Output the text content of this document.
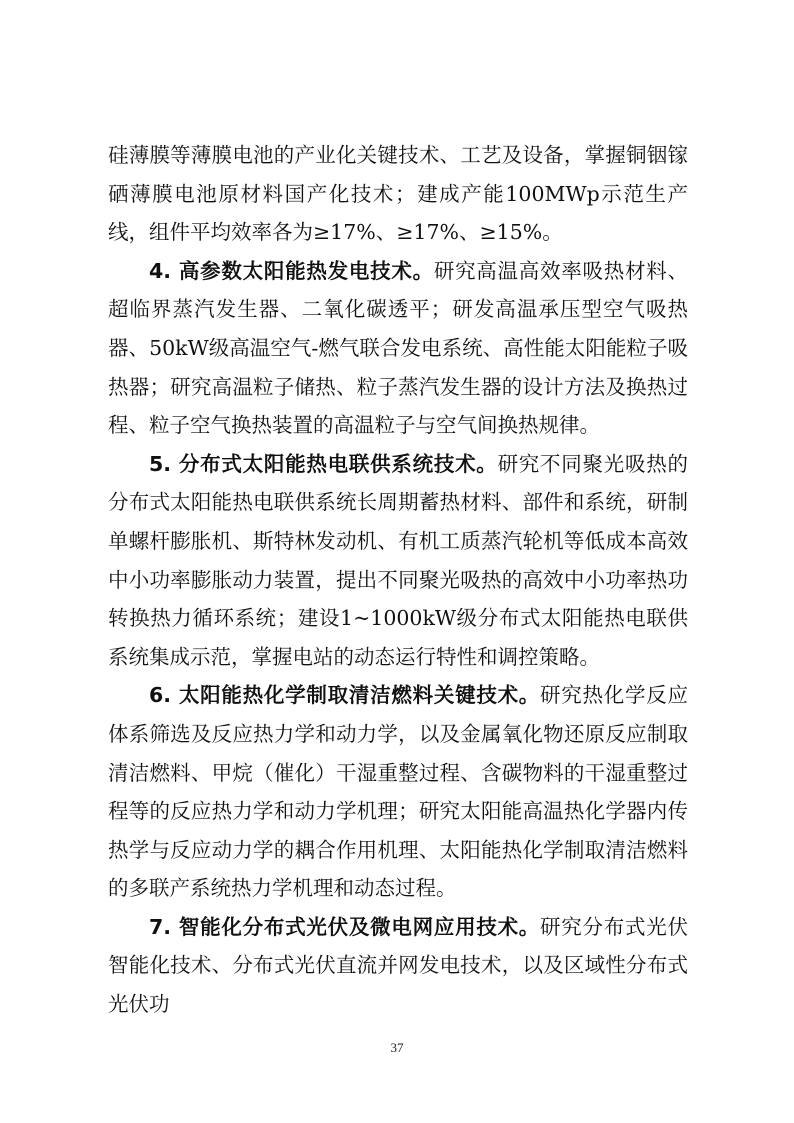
硅薄膜等薄膜电池的产业化关键技术、工艺及设备，掌握铜铟镓硒薄膜电池原材料国产化技术；建成产能100MWp示范生产线，组件平均效率各为≥17%、≥17%、≥15%。

4. 高参数太阳能热发电技术。研究高温高效率吸热材料、超临界蒸汽发生器、二氧化碳透平；研发高温承压型空气吸热器、50kW级高温空气-燃气联合发电系统、高性能太阳能粒子吸热器；研究高温粒子储热、粒子蒸汽发生器的设计方法及换热过程、粒子空气换热装置的高温粒子与空气间换热规律。

5. 分布式太阳能热电联供系统技术。研究不同聚光吸热的分布式太阳能热电联供系统长周期蓄热材料、部件和系统，研制单螺杆膨胀机、斯特林发动机、有机工质蒸汽轮机等低成本高效中小功率膨胀动力装置，提出不同聚光吸热的高效中小功率热功转换热力循环系统；建设1~1000kW级分布式太阳能热电联供系统集成示范，掌握电站的动态运行特性和调控策略。

6. 太阳能热化学制取清洁燃料关键技术。研究热化学反应体系筛选及反应热力学和动力学，以及金属氧化物还原反应制取清洁燃料、甲烷（催化）干湿重整过程、含碳物料的干湿重整过程等的反应热力学和动力学机理；研究太阳能高温热化学器内传热学与反应动力学的耦合作用机理、太阳能热化学制取清洁燃料的多联产系统热力学机理和动态过程。

7. 智能化分布式光伏及微电网应用技术。研究分布式光伏智能化技术、分布式光伏直流并网发电技术，以及区域性分布式光伏功

37
